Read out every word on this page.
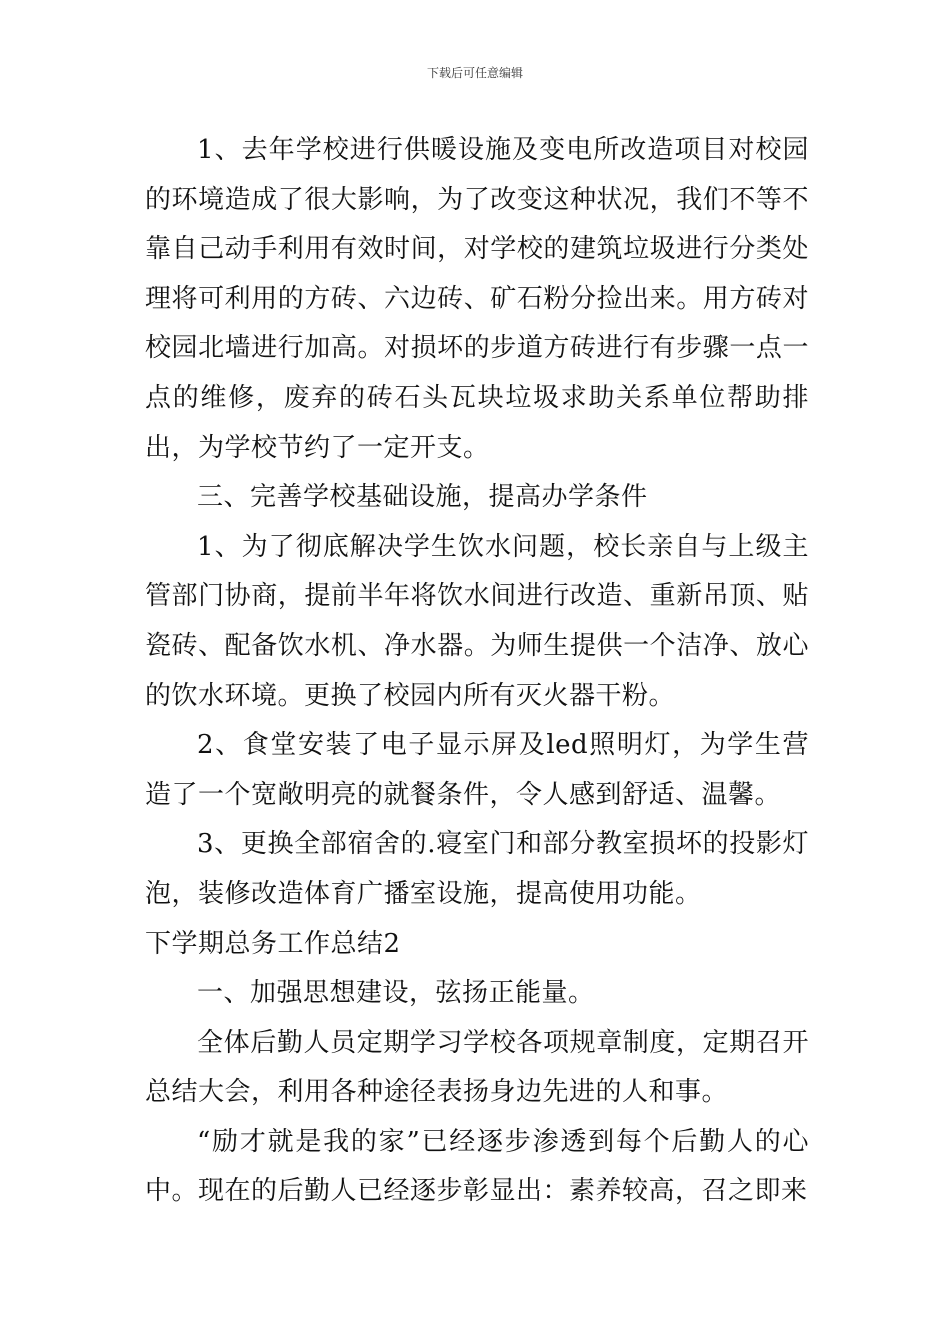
下载后可任意编辑

1、去年学校进行供暖设施及变电所改造项目对校园的环境造成了很大影响，为了改变这种状况，我们不等不靠自己动手利用有效时间，对学校的建筑垃圾进行分类处理将可利用的方砖、六边砖、矿石粉分捡出来。用方砖对校园北墙进行加高。对损坏的步道方砖进行有步骤一点一点的维修，废弃的砖石头瓦块垃圾求助关系单位帮助排出，为学校节约了一定开支。

三、完善学校基础设施，提高办学条件

1、为了彻底解决学生饮水问题，校长亲自与上级主管部门协商，提前半年将饮水间进行改造、重新吊顶、贴瓷砖、配备饮水机、净水器。为师生提供一个洁净、放心的饮水环境。更换了校园内所有灭火器干粉。

2、食堂安装了电子显示屏及led照明灯，为学生营造了一个宽敞明亮的就餐条件，令人感到舒适、温馨。

3、更换全部宿舍的.寝室门和部分教室损坏的投影灯泡，装修改造体育广播室设施，提高使用功能。

下学期总务工作总结2

一、加强思想建设，弦扬正能量。

全体后勤人员定期学习学校各项规章制度，定期召开总结大会，利用各种途径表扬身边先进的人和事。

“励才就是我的家”已经逐步渗透到每个后勤人的心中。现在的后勤人已经逐步彰显出：素养较高，召之即来
